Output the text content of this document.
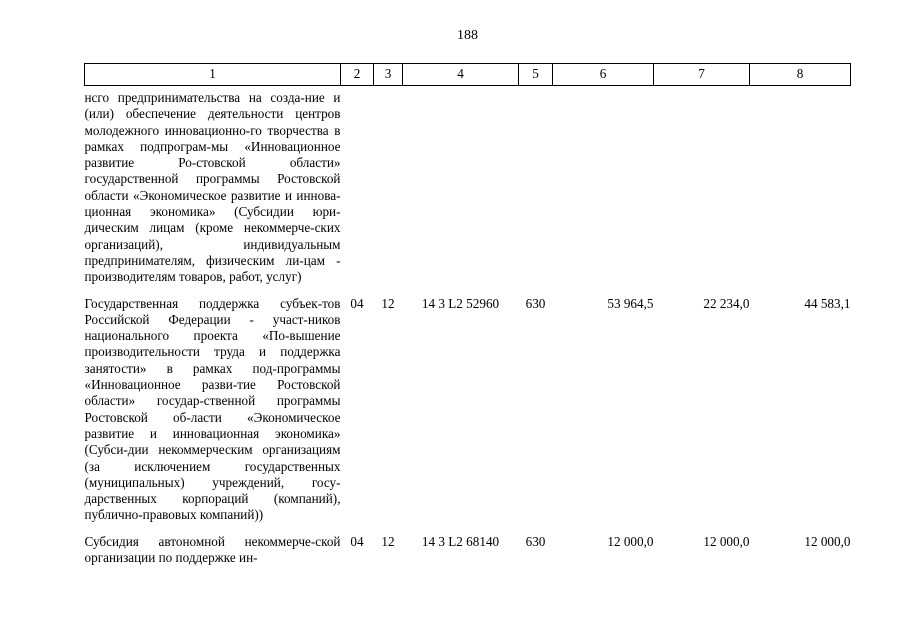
188
1	2	3	4	5	6	7	8
нсго предпринимательства на созда-ние и (или) обеспечение деятельности центров молодежного инновационно-го творчества в рамках подпрограм-мы «Инновационное развитие Ро-стовской области» государственной программы Ростовской области «Экономическое развитие и иннова-ционная экономика» (Субсидии юри-дическим лицам (кроме некоммерче-ских организаций), индивидуальным предпринимателям, физическим ли-цам - производителям товаров, работ, услуг)							
Государственная поддержка субъек-тов Российской Федерации - участ-ников национального проекта «По-вышение производительности труда и поддержка занятости» в рамках под-программы «Инновационное разви-тие Ростовской области» государ-ственной программы Ростовской об-ласти «Экономическое развитие и инновационная экономика» (Субси-дии некоммерческим организациям (за исключением государственных (муниципальных) учреждений, госу-дарственных корпораций (компаний), публично-правовых компаний))	04	12	14 3 L2 52960	630	53 964,5	22 234,0	44 583,1
Субсидия автономной некоммерче-ской организации по поддержке ин-	04	12	14 3 L2 68140	630	12 000,0	12 000,0	12 000,0
